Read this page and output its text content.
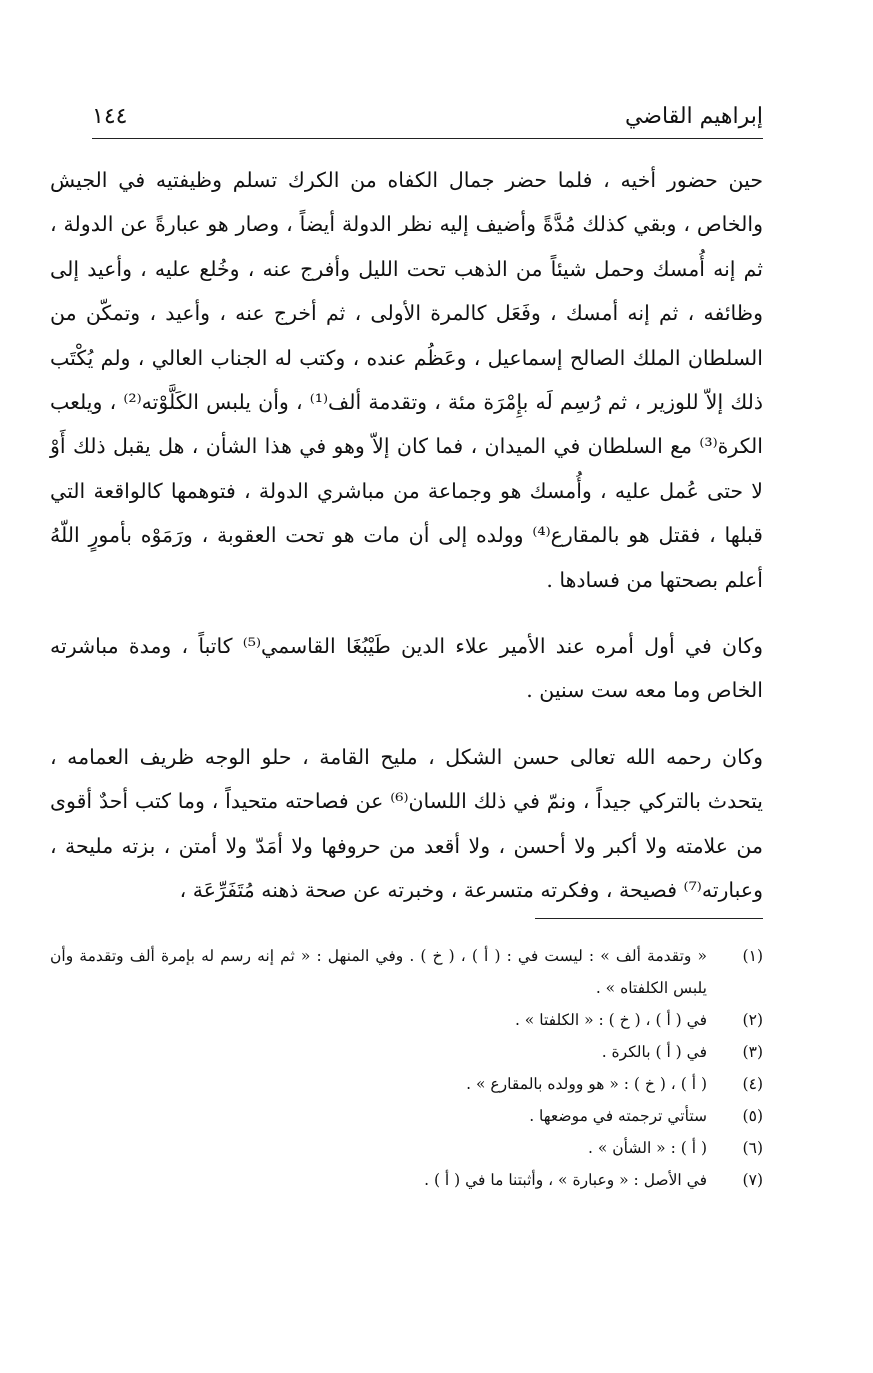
إبراهيم القاضي
١٤٤

حين حضور أخيه ، فلما حضر جمال الكفاه من الكرك تسلم وظيفتيه في الجيش والخاص ، وبقي كذلك مُدَّةً وأضيف إليه نظر الدولة أيضاً ، وصار هو عبارةً عن الدولة ، ثم إنه أُمسك وحمل شيئاً من الذهب تحت الليل وأفرج عنه ، وخُلع عليه ، وأعيد إلى وظائفه ، ثم إنه أمسك ، وفَعَل كالمرة الأولى ، ثم أخرج عنه ، وأعيد ، وتمكّن من السلطان الملك الصالح إسماعيل ، وعَظُم عنده ، وكتب له الجناب العالي ، ولم يُكْتَب ذلك إلاّ للوزير ، ثم رُسِم لَه بإِمْرَة مئة ، وتقدمة ألف⁽¹⁾ ، وأن يلبس الكَلَّوْته⁽²⁾ ، ويلعب الكرة⁽³⁾ مع السلطان في الميدان ، فما كان إلاّ وهو في هذا الشأن ، هل يقبل ذلك أَوْ لا حتى عُمل عليه ، وأُمسك هو وجماعة من مباشري الدولة ، فتوهمها كالواقعة التي قبلها ، فقتل هو بالمقارع⁽⁴⁾ وولده إلى أن مات هو تحت العقوبة ، ورَمَوْه بأمورٍ اللّهُ أعلم بصحتها من فسادها .

وكان في أول أمره عند الأمير علاء الدين طَيْبُغَا القاسمي⁽⁵⁾ كاتباً ، ومدة مباشرته الخاص وما معه ست سنين .

وكان رحمه الله تعالى حسن الشكل ، مليح القامة ، حلو الوجه ظريف العمامه ، يتحدث بالتركي جيداً ، ونمّ في ذلك اللسان⁽⁶⁾ عن فصاحته متحيداً ، وما كتب أحدٌ أقوى من علامته ولا أكبر ولا أحسن ، ولا أقعد من حروفها ولا أمَدّ ولا أمتن ، بزته مليحة ، وعبارته⁽⁷⁾ فصيحة ، وفكرته متسرعة ، وخبرته عن صحة ذهنه مُتَفَرِّعَة ،

(١)
« وتقدمة ألف » : ليست في : ( أ ) ، ( خ ) . وفي المنهل : « ثم إنه رسم له بإمرة ألف وتقدمة وأن يلبس الكلفتاه » .
(٢)
في ( أ ) ، ( خ ) : « الكلفتا » .
(٣)
في ( أ ) بالكرة .
(٤)
( أ ) ، ( خ ) : « هو وولده بالمقارع » .
(٥)
ستأتي ترجمته في موضعها .
(٦)
( أ ) : « الشأن » .
(٧)
في الأصل : « وعبارة » ، وأثبتنا ما في ( أ ) .
